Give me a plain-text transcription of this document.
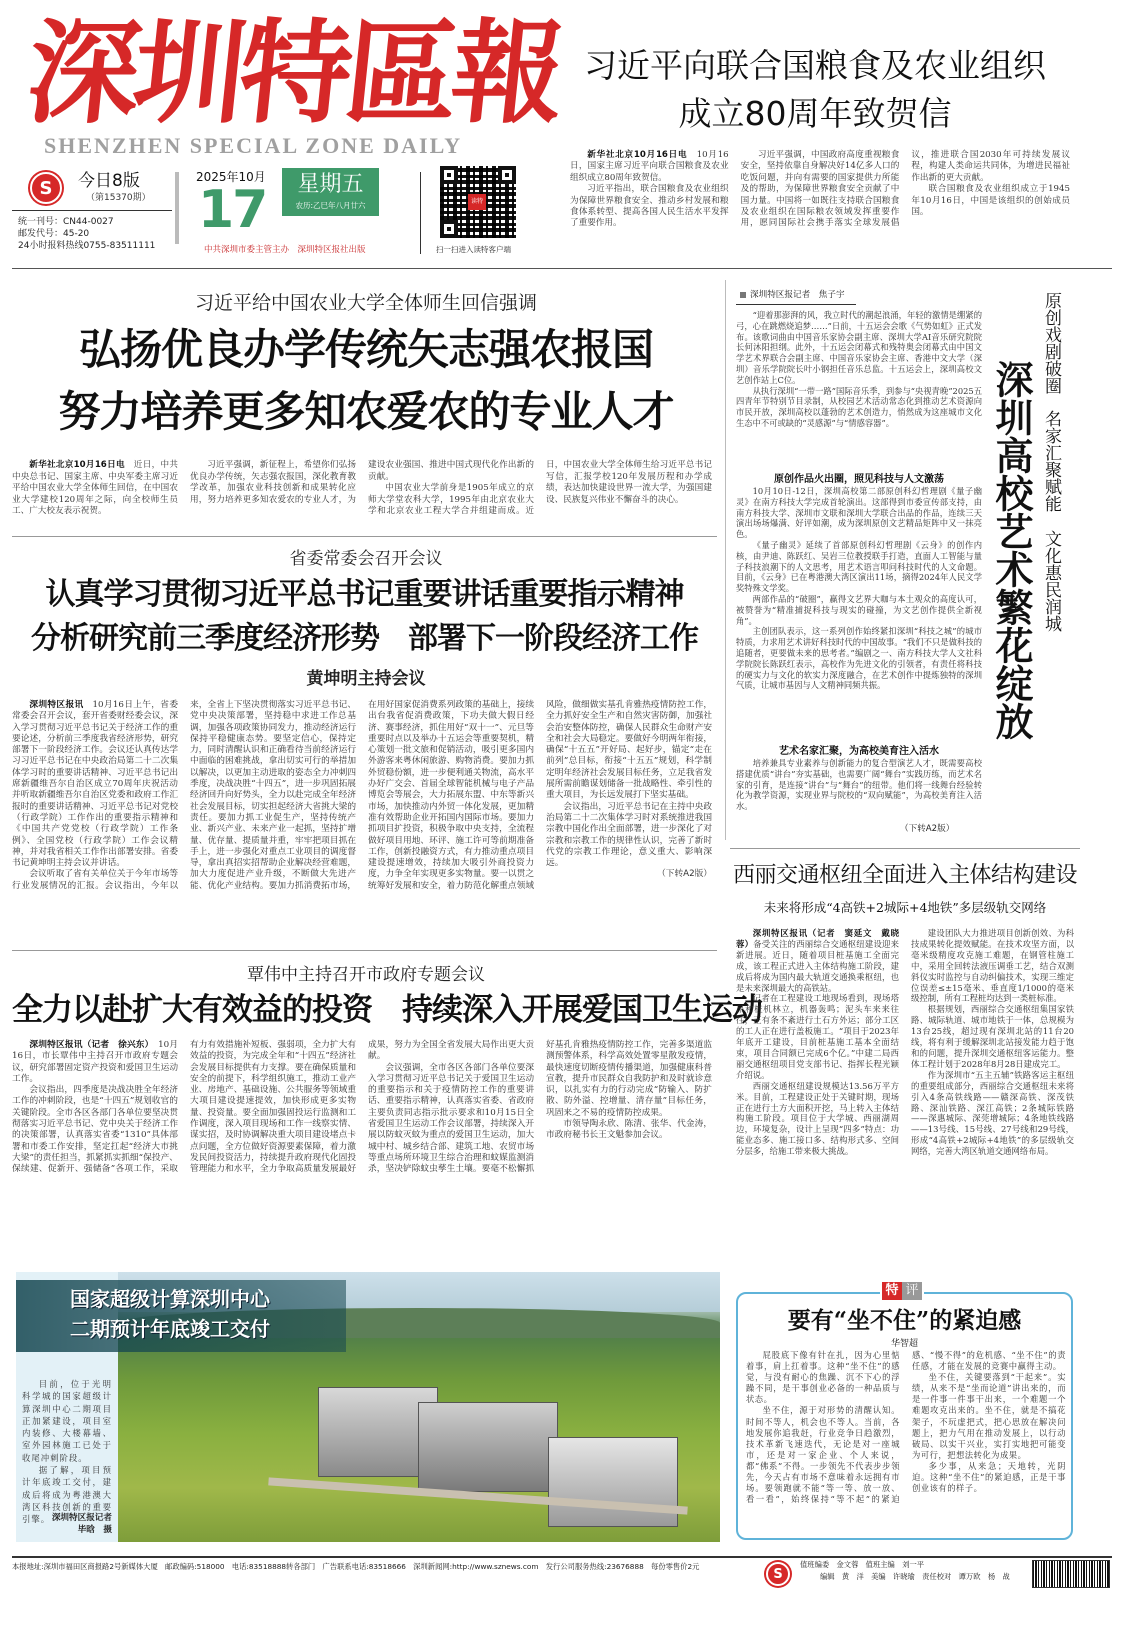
深圳特區報
SHENZHEN SPECIAL ZONE DAILY
S	今日8版
（第15370期）
统一刊号：CN44-0027
邮发代号：45-20
24小时报料热线0755-83511111
2025年10月
17	星期五
农历:乙巳年八月廿六
中共深圳市委主管主办　深圳特区报社出版
读特
扫一扫进入读特客户端
习近平向联合国粮食及农业组织
成立80周年致贺信

新华社北京10月16日电　 10月16日，国家主席习近平向联合国粮食及农业组织成立80周年致贺信。

习近平指出，联合国粮食及农业组织为保障世界粮食安全、推动乡村发展和粮食体系转型、提高各国人民生活水平发挥了重要作用。

习近平强调，中国政府高度重视粮食安全，坚持依靠自身解决好14亿多人口的吃饭问题，并向有需要的国家提供力所能及的帮助，为保障世界粮食安全贡献了中国力量。中国将一如既往支持联合国粮食及农业组织在国际粮农领域发挥重要作用，愿同国际社会携手落实全球发展倡议，推进联合国2030年可持续发展议程，构建人类命运共同体，为增进民福祉作出新的更大贡献。

联合国粮食及农业组织成立于1945年10月16日，中国是该组织的创始成员国。

习近平给中国农业大学全体师生回信强调
弘扬优良办学传统矢志强农报国
努力培养更多知农爱农的专业人才

新华社北京10月16日电　 近日，中共中央总书记、国家主席、中央军委主席习近平给中国农业大学全体师生回信，在中国农业大学建校120周年之际，向全校师生员工、广大校友表示祝贺。

习近平强调，新征程上，希望你们弘扬优良办学传统，矢志强农报国，深化教育教学改革，加强农业科技创新和成果转化应用，努力培养更多知农爱农的专业人才，为建设农业强国、推进中国式现代化作出新的贡献。

中国农业大学前身是1905年成立的京师大学堂农科大学，1995年由北京农业大学和北京农业工程大学合并组建而成。近日，中国农业大学全体师生给习近平总书记写信，汇报学校120年发展历程和办学成绩，表达加快建设世界一流大学，为强国建设、民族复兴伟业不懈奋斗的决心。

省委常委会召开会议
认真学习贯彻习近平总书记重要讲话重要指示精神
分析研究前三季度经济形势　部署下一阶段经济工作
黄坤明主持会议

深圳特区报讯　 10月16日上午，省委常委会召开会议，套开省委财经委会议，深入学习贯彻习近平总书记关于经济工作的重要论述，分析前三季度我省经济形势，研究部署下一阶段经济工作。会议还认真传达学习习近平总书记在中央政治局第二十二次集体学习时的重要讲话精神、习近平总书记出席新疆维吾尔自治区成立70周年庆祝活动并听取新疆维吾尔自治区党委和政府工作汇报时的重要讲话精神、习近平总书记对党校（行政学院）工作作出的重要指示精神和《中国共产党党校（行政学院）工作条例》、全国党校（行政学院）工作会议精神，并对我省相关工作作出部署安排。省委书记黄坤明主持会议并讲话。

会议听取了省有关单位关于今年市场等行业发展情况的汇报。会议指出，今年以来，全省上下坚决贯彻落实习近平总书记、党中央决策部署，坚持稳中求进工作总基调，加强各项政策协同发力，推动经济运行保持平稳健康态势。要坚定信心，保持定力，同时清醒认识和正确看待当前经济运行中面临的困难挑战，拿出切实可行的举措加以解决，以更加主动进取的姿态全力冲刺四季度，决战决胜“十四五”，进一步巩固拓展经济回升向好势头，全力以赴完成全年经济社会发展目标，切实担起经济大省挑大梁的责任。要加力抓工业促生产，坚持传统产业、新兴产业、未来产业一起抓，坚持扩增量、优存量、提质量并重，牢牢把项目抓在手上，进一步强化对重点工业项目的调度督导，拿出真招实招帮助企业解决经营难题，加大力度促进产业升级，不断做大先进产能、优化产业结构。要加力抓消费拓市场，在用好国家促消费系列政策的基础上，接续出台我省促消费政策，下功夫做大假日经济、赛事经济，抓住用好“双十一”、元旦等重要时点以及举办十五运会等重要契机，精心策划一批文旅和促销活动，吸引更多国内外游客来粤休闲旅游、购物消费。要加力抓外贸稳份额，进一步便利通关物流，高水平办好广交会、首届全球智能机械与电子产品博览会等展会，大力拓展东盟、中东等新兴市场，加快推动内外贸一体化发展，更加精准有效帮助企业开拓国内国际市场。要加力抓项目扩投资，积极争取中央支持，全流程做好项目用地、环评、施工许可等前期准备工作，创新投融资方式，有力推动重点项目建设提速增效，持续加大吸引外商投资力度，力争全年实现更多实物量。要一以贯之统筹好发展和安全，着力防范化解重点领域风险，做细做实基孔肯雅热疫情防控工作，全力抓好安全生产和自然灾害防御，加强社会治安整体防控，确保人民群众生命财产安全和社会大局稳定。要做好今明两年衔接，确保“十五五”开好局、起好步，锚定“走在前列”总目标，衔接“十五五”规划，科学制定明年经济社会发展目标任务，立足我省发展所需前瞻谋划储备一批战略性、牵引性的重大项目，为长远发展打下坚实基础。

会议指出，习近平总书记在主持中央政治局第二十二次集体学习时对系统推进我国宗教中国化作出全面部署，进一步深化了对宗教和宗教工作的规律性认识，完善了新时代党的宗教工作理论，意义重大、影响深远。

（下转A2版）

覃伟中主持召开市政府专题会议
全力以赴扩大有效益的投资　持续深入开展爱国卫生运动

深圳特区报讯（记者　徐兴东）　 10月16日，市长覃伟中主持召开市政府专题会议，研究部署固定资产投资和爱国卫生运动工作。

会议指出，四季度是决战决胜全年经济工作的冲刺阶段，也是“十四五”规划收官的关键阶段。全市各区各部门各单位要坚决贯彻落实习近平总书记、党中央关于经济工作的决策部署，认真落实省委“1310”具体部署和市委工作安排，坚定扛起“经济大市挑大梁”的责任担当，抓紧抓实抓细“保投产、保续建、促新开、强储备”各项工作，采取有力有效措施补短板、强弱项，全力扩大有效益的投资，为完成全年和“十四五”经济社会发展目标提供有力支撑。要在确保质量和安全的前提下，科学组织施工，推动工业产业、房地产、基础设施、公共服务等领域重大项目建设提速提效，加快形成更多实物量、投资量。要全面加强固投运行监测和工作调度，深入项目现场和工作一线察实情、谋实招，及时协调解决重大项目建设堵点卡点问题，全方位做好资源要素保障，着力激发民间投资活力，持续提升政府现代化固投管理能力和水平，全力争取高质量发展最好成果，努力为全国全省发展大局作出更大贡献。

会议强调，全市各区各部门各单位要深入学习贯彻习近平总书记关于爱国卫生运动的重要指示和关于疫情防控工作的重要讲话、重要指示精神，认真落实省委、省政府主要负责同志指示批示要求和10月15日全省爱国卫生运动工作会议部署，持续深入开展以防蚊灭蚊为重点的爱国卫生运动，加大城中村、城乡结合部、建筑工地、农贸市场等重点场所环境卫生综合治理和蚊媒监测消杀，坚决铲除蚊虫孳生土壤。要毫不松懈抓好基孔肯雅热疫情防控工作，完善多渠道监测预警体系，科学高效处置零星散发疫情，最快速度切断疫情传播渠道，加强健康科普宣教，提升市民群众自我防护和及时就诊意识，以扎实有力的行动完成“防输入、防扩散、防外溢、控增量、清存量”目标任务，巩固来之不易的疫情防控成果。

市领导陶永欣、陈清、张华、代金涛，市政府秘书长王文魁参加会议。

国家超级计算深圳中心
二期预计年底竣工交付

目前，位于光明科学城的国家超级计算深圳中心二期项目正加紧建设，项目室内装修、大楼幕墙、室外园林施工已处于收尾冲刺阶段。

据了解，项目预计年底竣工交付，建成后将成为粤港澳大湾区科技创新的重要引擎。 深圳特区报记者
毕晗　摄
深圳特区报记者　焦子宇

“迎着那澎湃的风，我立时代的潮起浪涌，年轻的激情是绷紧的弓，心在跳燃烧追梦……”日前，十五运会会歌《气势如虹》正式发布。该歌词曲由中国音乐家协会副主席、深圳大学AI音乐研究院院长何沐阳担纲。此外，十五运会闭幕式和残特奥会闭幕式由中国文学艺术界联合会副主席、中国音乐家协会主席、香港中文大学（深圳）音乐学院院长叶小钢担任音乐总监。十五运会上，深圳高校文艺创作站上C位。

从执行深圳“一带一路”国际音乐季，到参与“央视青晚”2025五四青年节特别节目录制，从校园艺术活动常态化到推动艺术资源向市民开放，深圳高校以蓬勃的艺术创造力，悄然成为这座城市文化生态中不可或缺的“灵感源”与“情感容器”。

原创作品火出圈，照见科技与人文激荡

10月10日-12日，深圳高校第二部原创科幻哲理剧《量子幽灵》在南方科技大学完成首轮演出。这部得到市委宣传部支持，由南方科技大学、深圳市文联和深圳大学联合出品的作品，连续三天演出场场爆满、好评如潮，成为深圳原创文艺精品矩阵中又一抹亮色。

《量子幽灵》延续了首部原创科幻哲理剧《云身》的创作内核，由尹迪、陈跃红、吴岩三位教授联手打造，直面人工智能与量子科技浪潮下的人文思考，用艺术语言叩问科技时代的人文命题。目前，《云身》已在粤港澳大湾区演出11场，摘得2024年人民文学奖特殊文学奖。

两部作品的“破圈”，赢得文艺界大咖与本土观众的高度认可，被赞誉为“精准捕捉科技与现实的碰撞，为文艺创作提供全新视角”。

主创团队表示，这一系列创作始终紧扣深圳“科技之城”的城市特质，力求用艺术讲好科技时代的中国故事。“我们不只是做科技的追随者，更要做未来的思考者。”编剧之一、南方科技大学人文社科学院院长陈跃红表示，高校作为先进文化的引领者，有责任将科技的硬实力与文化的软实力深度融合，在艺术创作中提炼独特的深圳气质，让城市基因与人文精神同频共振。

艺术名家汇聚，为高校美育注入活水

培养兼具专业素养与创新能力的复合型演艺人才，既需要高校搭建优质“讲台”夯实基础，也需要广阔“舞台”实践历练，而艺术名家的引育，是连接“讲台”与“舞台”的纽带。他们将一线舞台经验转化为教学资源，实现业界与院校的“双向赋能”，为高校美育注入活水。

（下转A2版）
深圳高校艺术繁花绽放
原创戏剧破圈
名家汇聚赋能
文化惠民润城
西丽交通枢纽全面进入主体结构建设
未来将形成“4高铁+2城际+4地铁”多层级轨交网络

深圳特区报讯（记者　窦延文　戴晓蓉）备受关注的西丽综合交通枢纽建设迎来新进展。近日，随着项目桩基施工全面完成，该工程正式进入主体结构施工阶段，建成后将成为国内最大轨道交通换乘枢纽，也是未来深圳最大的高铁站。

记者在工程建设工地现场看到，现场塔吊和桩机林立，机器轰鸣；泥头车来来往往，正有条不紊进行土石方外运；部分工区的工人正在进行盖板施工。“项目于2023年年底开工建设，目前桩基施工基本全面结束，项目合同额已完成6个亿。”中建二局西丽交通枢纽项目党支部书记、指挥长程光颖介绍说。

西丽交通枢纽建设规模达13.56万平方米。目前，工程建设正处于关键时期，现场正在进行土方大面积开挖，马上转入主体结构施工阶段。项目位于大学城、西丽湖周边，环境复杂，设计上呈现“四多”特点：功能业态多、施工接口多、结构形式多、空间分层多，给施工带来极大挑战。

建设团队大力推进项目创新创效、为科技成果转化提效赋能。在技术攻坚方面，以毫米级精度攻克施工难题，在钢管柱施工中，采用全回转法液压调垂工艺，结合双测斜仪实时监控与自动纠偏技术，实现三维定位误差≤±15毫米、垂直度1/1000的毫米级控制，所有工程桩均达到一类桩标准。

根据规划，西丽综合交通枢纽集国家铁路、城际轨道、城市地铁于一体，总规模为13台25线，超过现有深圳北站的11台20线，将有利于缓解深圳北站接发能力趋于饱和的问题，提升深圳交通枢纽客运能力。整体工程计划于2028年8月28日建成完工。

作为深圳市“五主五辅”铁路客运主枢纽的重要组成部分，西丽综合交通枢纽未来将引入4条高铁线路——赣深高铁、深茂铁路、深汕铁路、深江高铁；2条城际铁路——深惠城际、深莞增城际；4条地铁线路——13号线、15号线、27号线和29号线，形成“4高铁+2城际+4地铁”的多层级轨交网络，完善大湾区轨道交通网络布局。

特 评
要有“坐不住”的紧迫感
华智超

屁股底下像有针在扎，因为心里惦着事，肩上扛着事。这种“坐不住”的感觉，与没有耐心的焦躁、沉不下心的浮躁不同，是干事创业必备的一种品质与状态。

坐不住，源于对形势的清醒认知。时间不等人，机会也不等人。当前，各地发展你追我赶，行业竞争日趋激烈，技术革新飞速迭代，无论是对一座城市，还是对一家企业、个人来说，都“佛系”不得。一步领先不代表步步领先，今天占有市场不意味着永远拥有市场。要领跑就不能“等一等、放一放、看一看”，始终保持“等不起”的紧迫感、“慢不得”的危机感、“坐不住”的责任感，才能在发展的竞赛中赢得主动。

坐不住，关键要落到“干起来”。实绩，从来不是“坐而论道”讲出来的，而是一件事一件事干出来，一个难题一个难题攻克出来的。坐不住，就是不搞花架子，不玩虚把式，把心思放在解决问题上，把力气用在推动发展上，以行动破局、以实干兴业，实打实地把可能变为可行，把想法转化为成果。

多少事，从来急；天地转，光阴迫。这种“坐不住”的紧迫感，正是干事创业该有的样子。

本报地址:深圳市福田区商报路2号新媒体大厦　邮政编码:518000　电话:83518888转各部门　广告联系电话:83518666　深圳新闻网:http://www.sznews.com　发行公司服务热线:23676888　每份零售价2元	S
值班编委　金文蓉　值班主编　刘一平
编辑　黄　洋　美编　许晓瑜　责任校对　谭万欧　杨　战
